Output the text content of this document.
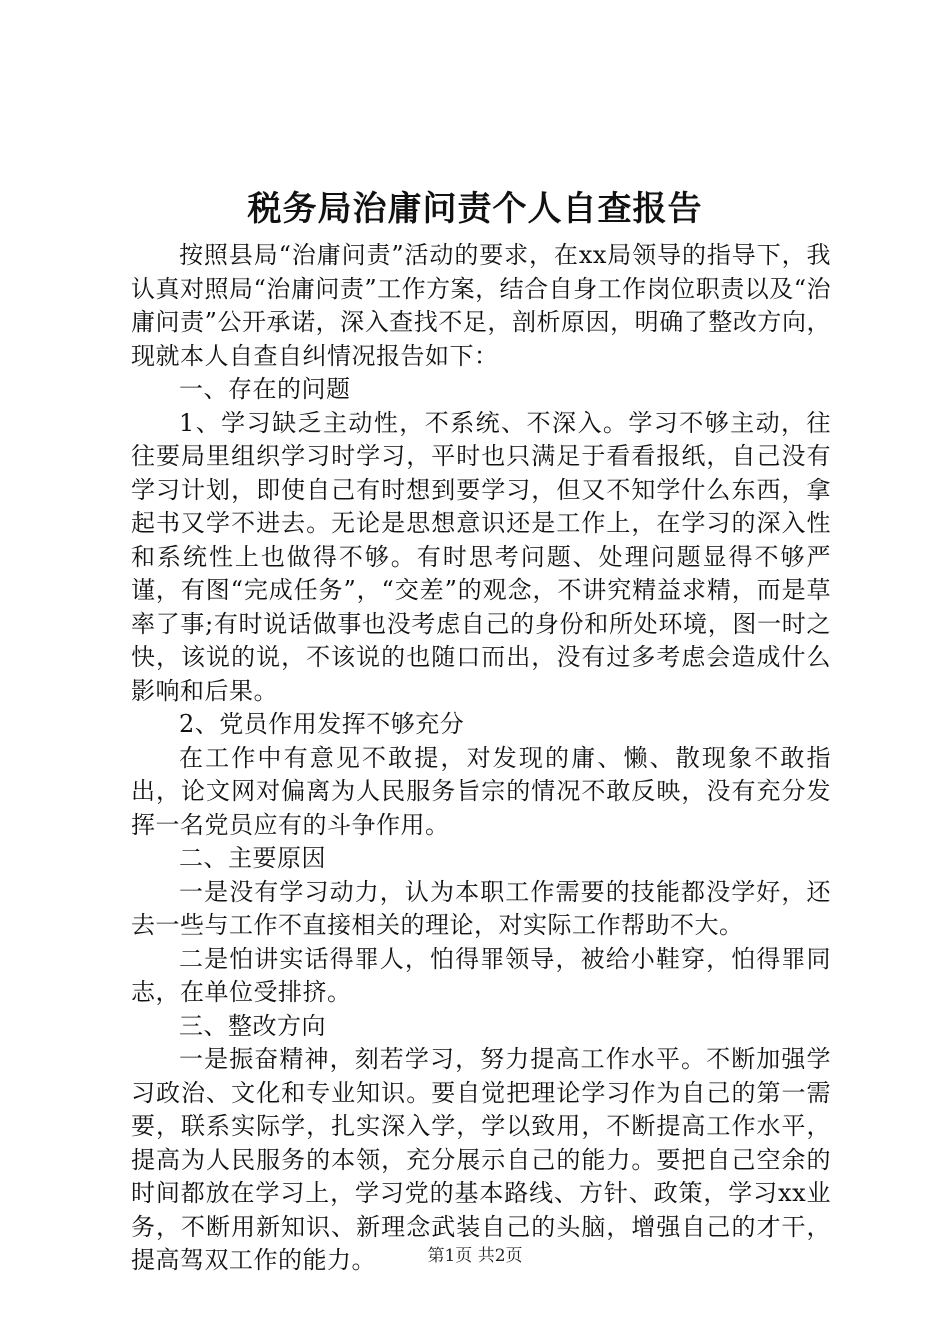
税务局治庸问责个人自查报告

按照县局“治庸问责”活动的要求，在xx局领导的指导下，我认真对照局“治庸问责”工作方案，结合自身工作岗位职责以及“治庸问责”公开承诺，深入查找不足，剖析原因，明确了整改方向，现就本人自查自纠情况报告如下：

一、存在的问题

1、学习缺乏主动性，不系统、不深入。学习不够主动，往往要局里组织学习时学习，平时也只满足于看看报纸，自己没有学习计划，即使自己有时想到要学习，但又不知学什么东西，拿起书又学不进去。无论是思想意识还是工作上，在学习的深入性和系统性上也做得不够。有时思考问题、处理问题显得不够严谨，有图“完成任务”，“交差”的观念，不讲究精益求精，而是草率了事;有时说话做事也没考虑自己的身份和所处环境，图一时之快，该说的说，不该说的也随口而出，没有过多考虑会造成什么影响和后果。

2、党员作用发挥不够充分

在工作中有意见不敢提，对发现的庸、懒、散现象不敢指出，论文网对偏离为人民服务旨宗的情况不敢反映，没有充分发挥一名党员应有的斗争作用。

二、主要原因

一是没有学习动力，认为本职工作需要的技能都没学好，还去一些与工作不直接相关的理论，对实际工作帮助不大。

二是怕讲实话得罪人，怕得罪领导，被给小鞋穿，怕得罪同志，在单位受排挤。

三、整改方向

一是振奋精神，刻若学习，努力提高工作水平。不断加强学习政治、文化和专业知识。要自觉把理论学习作为自己的第一需要，联系实际学，扎实深入学，学以致用，不断提高工作水平，提高为人民服务的本领，充分展示自己的能力。要把自己空余的时间都放在学习上，学习党的基本路线、方针、政策，学习xx业务，不断用新知识、新理念武装自己的头脑，增强自己的才干，提高驾双工作的能力。	第1页 共2页
